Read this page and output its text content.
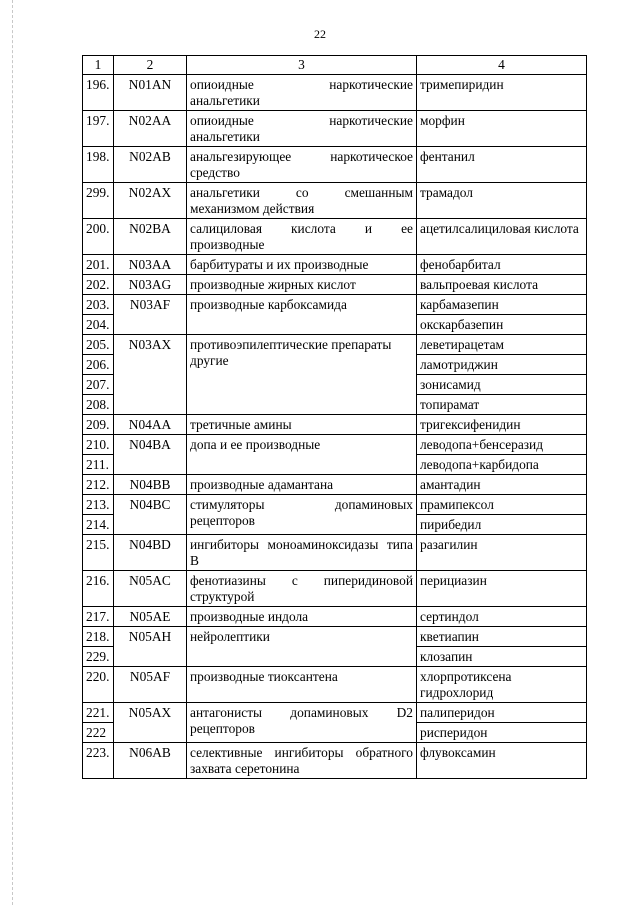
22
1	2	3	4
196.	N01AN	опиоидные наркотические анальгетики	тримепиридин
197.	N02AA	опиоидные наркотические анальгетики	морфин
198.	N02AB	анальгезирующее наркотическое средство	фентанил
299.	N02AX	анальгетики со смешанным механизмом действия	трамадол
200.	N02BA	салициловая кислота и ее производные	ацетилсалициловая кислота
201.	N03AA	барбитураты и их производные	фенобарбитал
202.	N03AG	производные жирных кислот	вальпроевая кислота
203.	N03AF	производные карбоксамида	карбамазепин
204.			окскарбазепин
205.	N03AX	противоэпилептические препараты другие	леветирацетам
206.			ламотриджин
207.			зонисамид
208.			топирамат
209.	N04AA	третичные амины	тригексифенидин
210.	N04BA	допа и ее производные	леводопа+бенсеразид
211.			леводопа+карбидопа
212.	N04BB	производные адамантана	амантадин
213.	N04BC	стимуляторы допаминовых рецепторов	прамипексол
214.			пирибедил
215.	N04BD	ингибиторы моноаминоксидазы типа В	разагилин
216.	N05AC	фенотиазины с пиперидиновой структурой	перициазин
217.	N05AE	производные индола	сертиндол
218.	N05AH	нейролептики	кветиапин
229.			клозапин
220.	N05AF	производные тиоксантена	хлорпротиксена гидрохлорид
221.	N05AX	антагонисты допаминовых D2 рецепторов	палиперидон
222			рисперидон
223.	N06AB	селективные ингибиторы обратного захвата серетонина	флувоксамин
